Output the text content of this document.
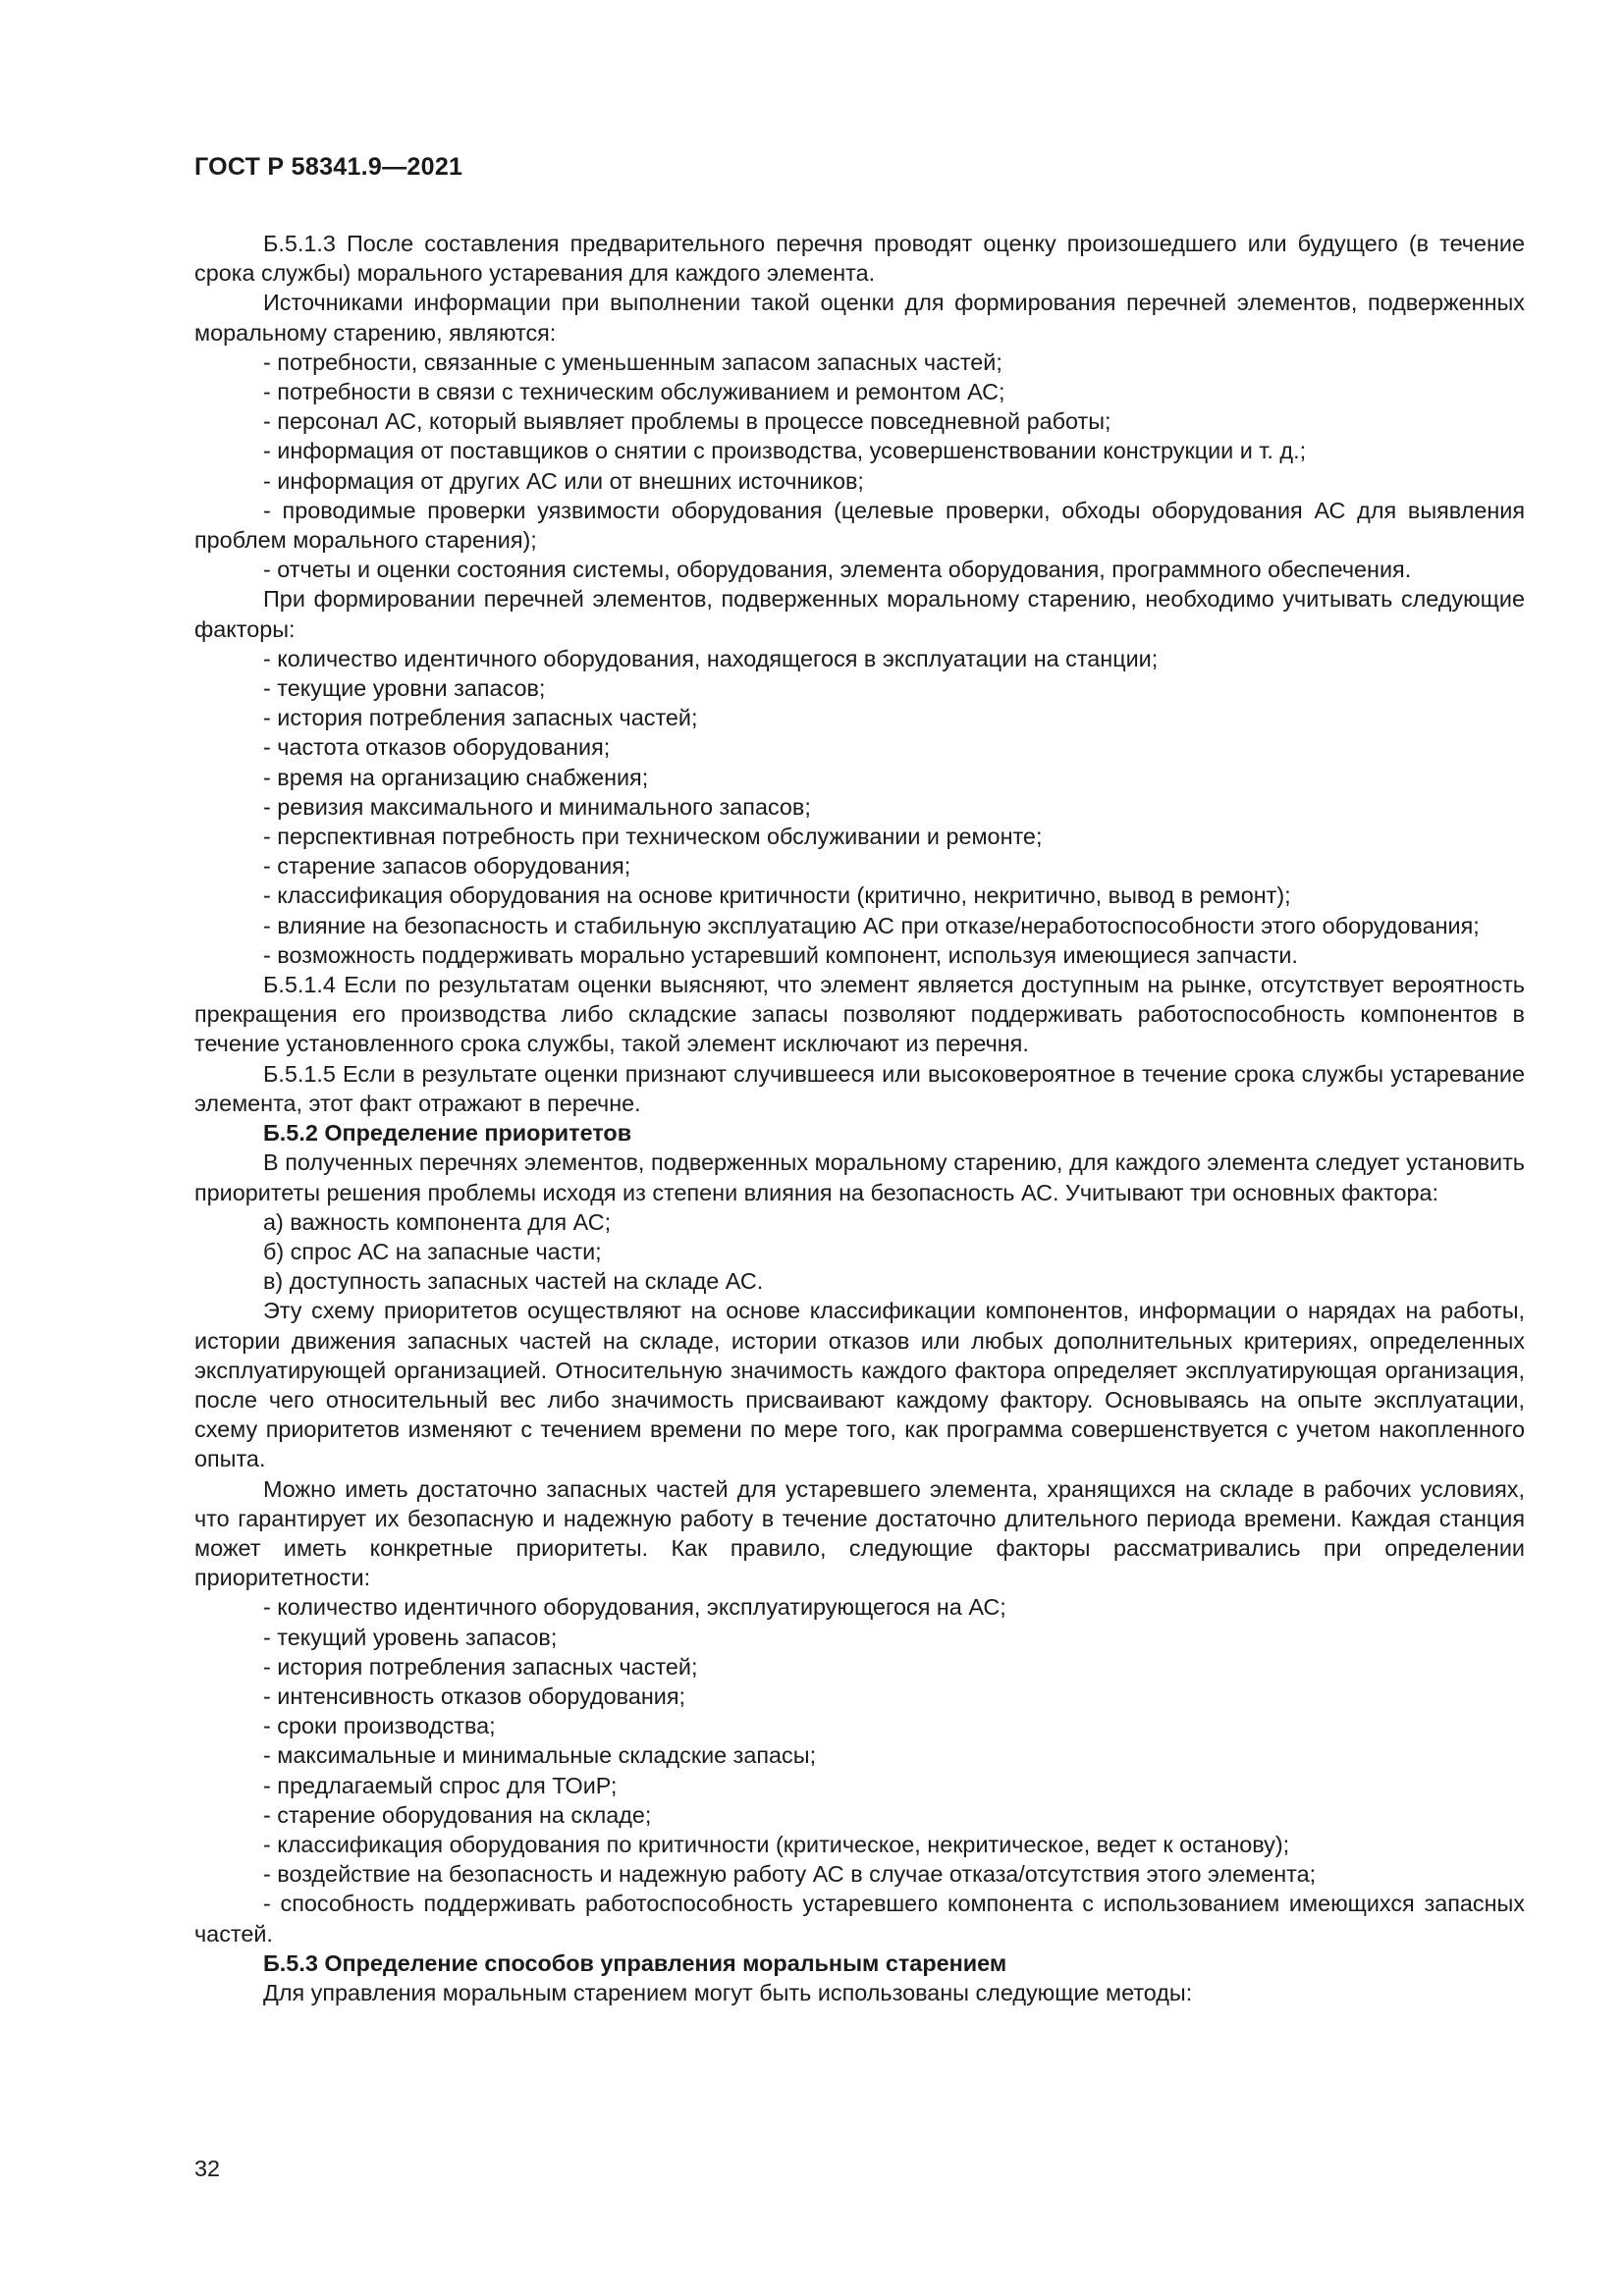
ГОСТ Р 58341.9—2021

Б.5.1.3 После составления предварительного перечня проводят оценку произошедшего или будущего (в течение срока службы) морального устаревания для каждого элемента.

Источниками информации при выполнении такой оценки для формирования перечней элементов, подверженных моральному старению, являются:

- потребности, связанные с уменьшенным запасом запасных частей;

- потребности в связи с техническим обслуживанием и ремонтом АС;

- персонал АС, который выявляет проблемы в процессе повседневной работы;

- информация от поставщиков о снятии с производства, усовершенствовании конструкции и т. д.;

- информация от других АС или от внешних источников;

- проводимые проверки уязвимости оборудования (целевые проверки, обходы оборудования АС для выявления проблем морального старения);

- отчеты и оценки состояния системы, оборудования, элемента оборудования, программного обеспечения.

При формировании перечней элементов, подверженных моральному старению, необходимо учитывать следующие факторы:

- количество идентичного оборудования, находящегося в эксплуатации на станции;

- текущие уровни запасов;

- история потребления запасных частей;

- частота отказов оборудования;

- время на организацию снабжения;

- ревизия максимального и минимального запасов;

- перспективная потребность при техническом обслуживании и ремонте;

- старение запасов оборудования;

- классификация оборудования на основе критичности (критично, некритично, вывод в ремонт);

- влияние на безопасность и стабильную эксплуатацию АС при отказе/неработоспособности этого оборудования;

- возможность поддерживать морально устаревший компонент, используя имеющиеся запчасти.

Б.5.1.4 Если по результатам оценки выясняют, что элемент является доступным на рынке, отсутствует вероятность прекращения его производства либо складские запасы позволяют поддерживать работоспособность компонентов в течение установленного срока службы, такой элемент исключают из перечня.

Б.5.1.5 Если в результате оценки признают случившееся или высоковероятное в течение срока службы устаревание элемента, этот факт отражают в перечне.

Б.5.2 Определение приоритетов

В полученных перечнях элементов, подверженных моральному старению, для каждого элемента следует установить приоритеты решения проблемы исходя из степени влияния на безопасность АС. Учитывают три основных фактора:

а) важность компонента для АС;

б) спрос АС на запасные части;

в) доступность запасных частей на складе АС.

Эту схему приоритетов осуществляют на основе классификации компонентов, информации о нарядах на работы, истории движения запасных частей на складе, истории отказов или любых дополнительных критериях, определенных эксплуатирующей организацией. Относительную значимость каждого фактора определяет эксплуатирующая организация, после чего относительный вес либо значимость присваивают каждому фактору. Основываясь на опыте эксплуатации, схему приоритетов изменяют с течением времени по мере того, как программа совершенствуется с учетом накопленного опыта.

Можно иметь достаточно запасных частей для устаревшего элемента, хранящихся на складе в рабочих условиях, что гарантирует их безопасную и надежную работу в течение достаточно длительного периода времени. Каждая станция может иметь конкретные приоритеты. Как правило, следующие факторы рассматривались при определении приоритетности:

- количество идентичного оборудования, эксплуатирующегося на АС;

- текущий уровень запасов;

- история потребления запасных частей;

- интенсивность отказов оборудования;

- сроки производства;

- максимальные и минимальные складские запасы;

- предлагаемый спрос для ТОиР;

- старение оборудования на складе;

- классификация оборудования по критичности (критическое, некритическое, ведет к останову);

- воздействие на безопасность и надежную работу АС в случае отказа/отсутствия этого элемента;

- способность поддерживать работоспособность устаревшего компонента с использованием имеющихся запасных частей.

Б.5.3 Определение способов управления моральным старением

Для управления моральным старением могут быть использованы следующие методы:

32
